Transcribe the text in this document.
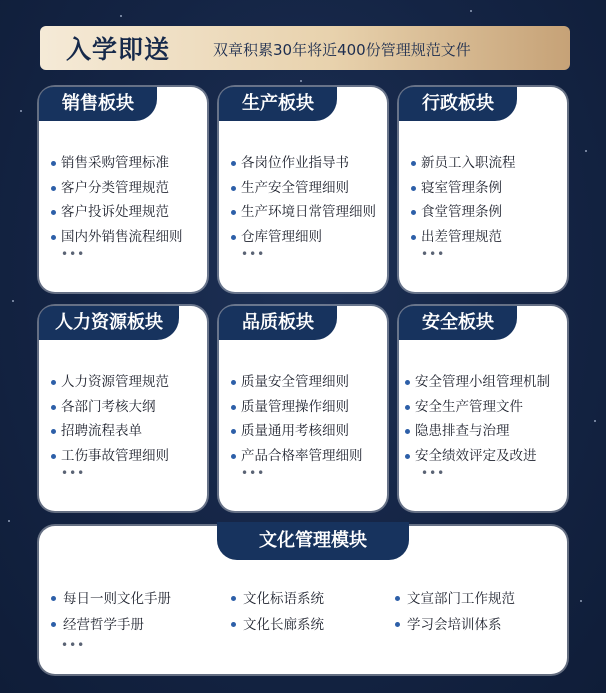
入学即送	双章积累30年将近400份管理规范文件
销售板块
销售采购管理标准
客户分类管理规范
客户投诉处理规范
国内外销售流程细则
•••
生产板块
各岗位作业指导书
生产安全管理细则
生产环境日常管理细则
仓库管理细则
•••
行政板块
新员工入职流程
寝室管理条例
食堂管理条例
出差管理规范
•••
人力资源板块
人力资源管理规范
各部门考核大纲
招聘流程表单
工伤事故管理细则
•••
品质板块
质量安全管理细则
质量管理操作细则
质量通用考核细则
产品合格率管理细则
•••
安全板块
安全管理小组管理机制
安全生产管理文件
隐患排查与治理
安全绩效评定及改进
•••
文化管理模块
每日一则文化手册
经营哲学手册
文化标语系统
文化长廊系统
文宣部门工作规范
学习会培训体系
•••
